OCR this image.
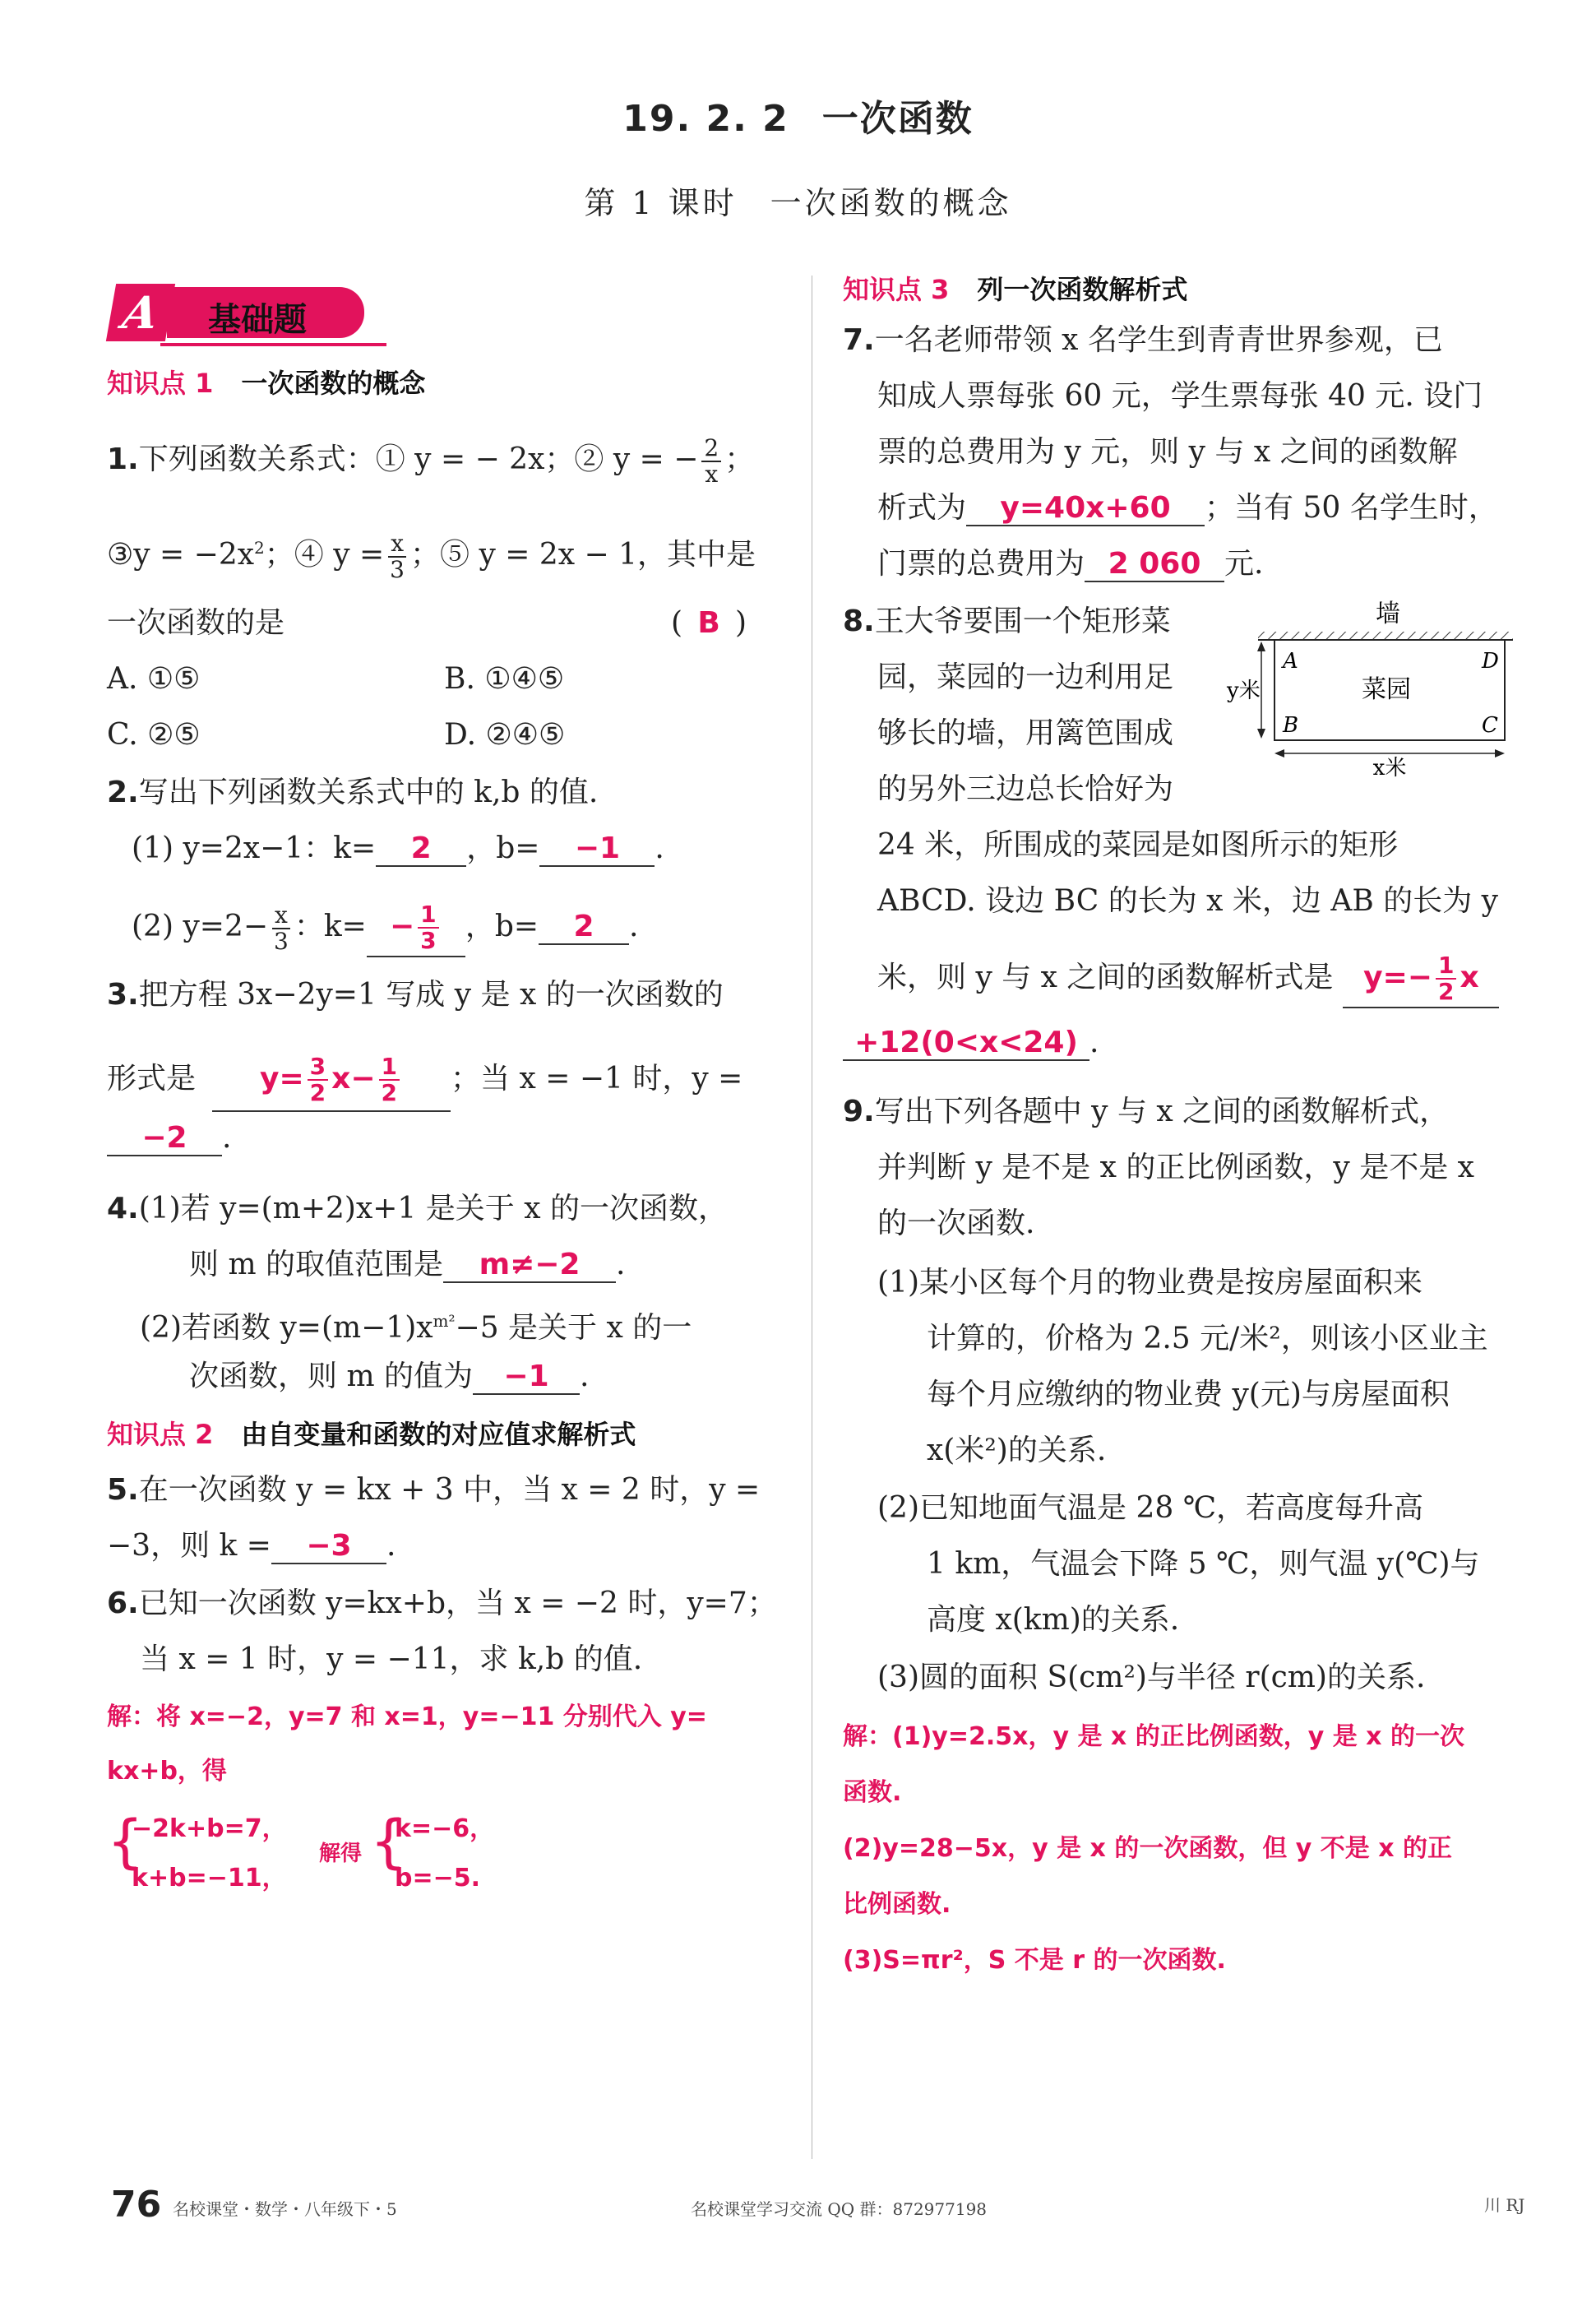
19. 2. 2 一次函数
第 1 课时 一次函数的概念
基础题
A
知识点 1 一次函数的概念
1.下列函数关系式：① y = − 2x；② y = − $\frac{2}{x}$ ；
③y = $-2x^2$；④ $y = \frac{x}{3}$ ；⑤ y = 2x − 1，其中是
一次函数的是	( B )
A. ①⑤	B. ①④⑤
C. ②⑤	D. ②④⑤
2.写出下列函数关系式中的 k,b 的值.
(1) y=2x−1：k= 2 ，b= −1 .
(2) $y=2- \frac{x}{3}$ ：$k= - \frac{1}{3}$ ，b= 2 .
3.把方程 3x−2y=1 写成 y 是 x 的一次函数的
形式是 $y= \frac{3}{2} x- \frac{1}{2}$ ；当 x = −1 时，y =
−2 .
4.(1)若 y=(m+2)x+1 是关于 x 的一次函数，
则 m 的取值范围是 m≠−2 .
(2)若函数 $y=(m-1)x^{m^2}-5$ 是关于 x 的一
次函数，则 m 的值为 −1 .
知识点 2 由自变量和函数的对应值求解析式
5.在一次函数 y = kx + 3 中，当 x = 2 时，y =
−3，则 k = −3 .
6.已知一次函数 y=kx+b，当 x = −2 时，y=7；
当 x = 1 时，y = −11，求 k,b 的值.
解：将 x=−2，y=7 和 x=1，y=−11 分别代入 y=
kx+b，得
{
−2k+b=7，
k+b=−11，
解得 {
k=−6，
b=−5.
知识点 3 列一次函数解析式
7.一名老师带领 x 名学生到青青世界参观，已
知成人票每张 60 元，学生票每张 40 元. 设门
票的总费用为 y 元，则 y 与 x 之间的函数解
析式为 y=40x+60 ；当有 50 名学生时，
门票的总费用为 2 060 元.
8.王大爷要围一个矩形菜
园，菜园的一边利用足
够长的墙，用篱笆围成
的另外三边总长恰好为
24 米，所围成的菜园是如图所示的矩形
ABCD. 设边 BC 的长为 x 米，边 AB 的长为 y
米，则 y 与 x 之间的函数解析式是 $y=- \frac{1}{2}$ x
+12(0<x<24) .
9.写出下列各题中 y 与 x 之间的函数解析式，
并判断 y 是不是 x 的正比例函数，y 是不是 x
的一次函数.
(1)某小区每个月的物业费是按房屋面积来
计算的，价格为 2.5 元/米²，则该小区业主
每个月应缴纳的物业费 y(元)与房屋面积
x(米²)的关系.
(2)已知地面气温是 28 ℃，若高度每升高
1 km，气温会下降 5 ℃，则气温 y(℃)与
高度 x(km)的关系.
(3)圆的面积 S(cm²)与半径 r(cm)的关系.
解：(1)y=2.5x，y 是 x 的正比例函数，y 是 x 的一次
函数.
(2)y=28−5x，y 是 x 的一次函数，但 y 不是 x 的正
比例函数.
(3)S=πr²，S 不是 r 的一次函数.
墙
A	D
B	C
菜园
y米
x米
76 名校课堂・数学・八年级下・5	名校课堂学习交流 QQ 群：872977198	川 RJ
